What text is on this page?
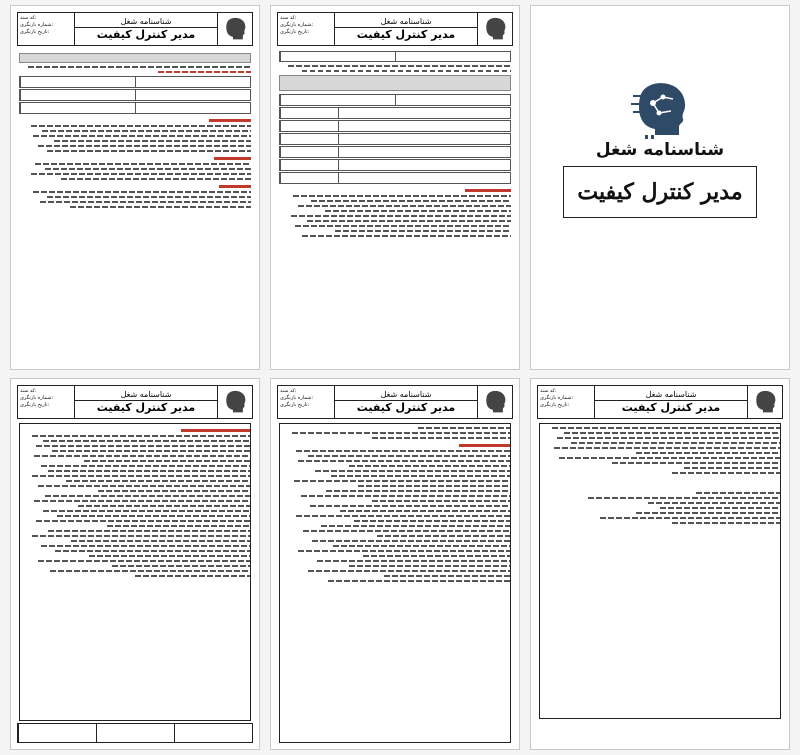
شناسنامه شغل
مدیر کنترل کیفیت
کد سند:
شماره بازنگری:
تاریخ بازنگری:
شناسنامه شغل
مدیر کنترل کیفیت
کد سند:
شماره بازنگری:
تاریخ بازنگری:
شناسنامه شغل
مدیر کنترل کیفیت
کد سند:
شماره بازنگری:
تاریخ بازنگری:
شناسنامه شغل
مدیر کنترل کیفیت
کد سند:
شماره بازنگری:
تاریخ بازنگری:
شناسنامه شغل
مدیر کنترل کیفیت
کد سند:
شماره بازنگری:
تاریخ بازنگری:
شناسنامه شغل
مدیر کنترل کیفیت
